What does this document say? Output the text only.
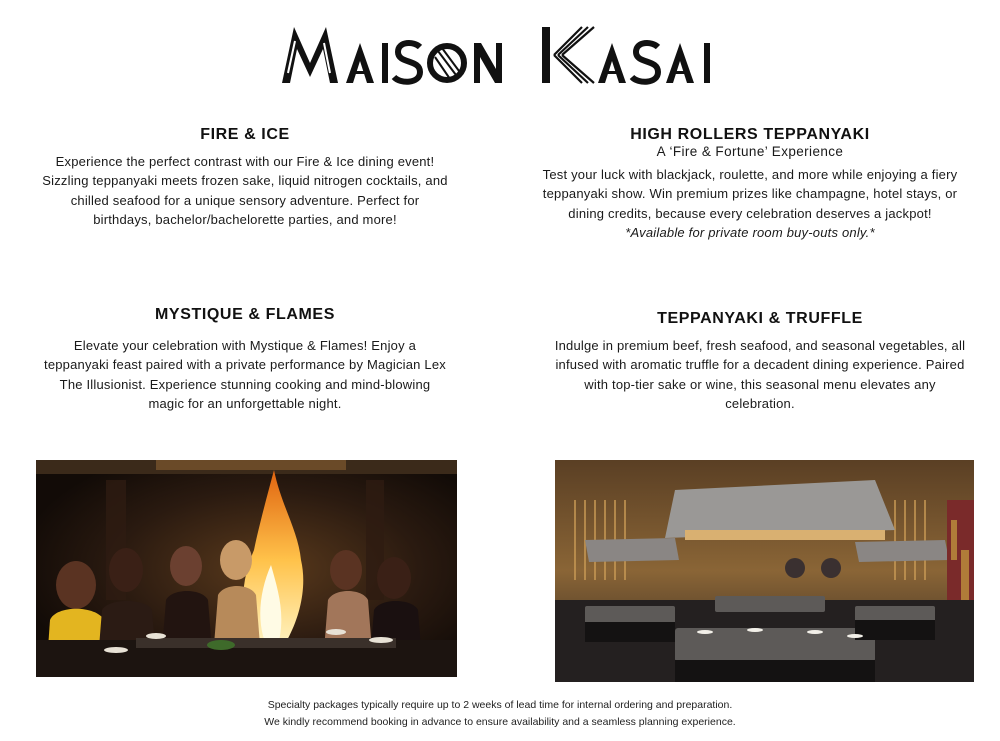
FIRE & ICE

Experience the perfect contrast with our Fire & Ice dining event! Sizzling teppanyaki meets frozen sake, liquid nitrogen cocktails, and chilled seafood for a unique sensory adventure. Perfect for birthdays, bachelor/bachelorette parties, and more!

HIGH ROLLERS TEPPANYAKI
A ‘Fire & Fortune’ Experience

Test your luck with blackjack, roulette, and more while enjoying a fiery teppanyaki show. Win premium prizes like champagne, hotel stays, or dining credits, because every celebration deserves a jackpot! *Available for private room buy-outs only.*

MYSTIQUE & FLAMES

Elevate your celebration with Mystique & Flames! Enjoy a teppanyaki feast paired with a private performance by Magician Lex The Illusionist. Experience stunning cooking and mind-blowing magic for an unforgettable night.

TEPPANYAKI & TRUFFLE

Indulge in premium beef, fresh seafood, and seasonal vegetables, all infused with aromatic truffle for a decadent dining experience. Paired with top-tier sake or wine, this seasonal menu elevates any celebration.

Specialty packages typically require up to 2 weeks of lead time for internal ordering and preparation.
We kindly recommend booking in advance to ensure availability and a seamless planning experience.
